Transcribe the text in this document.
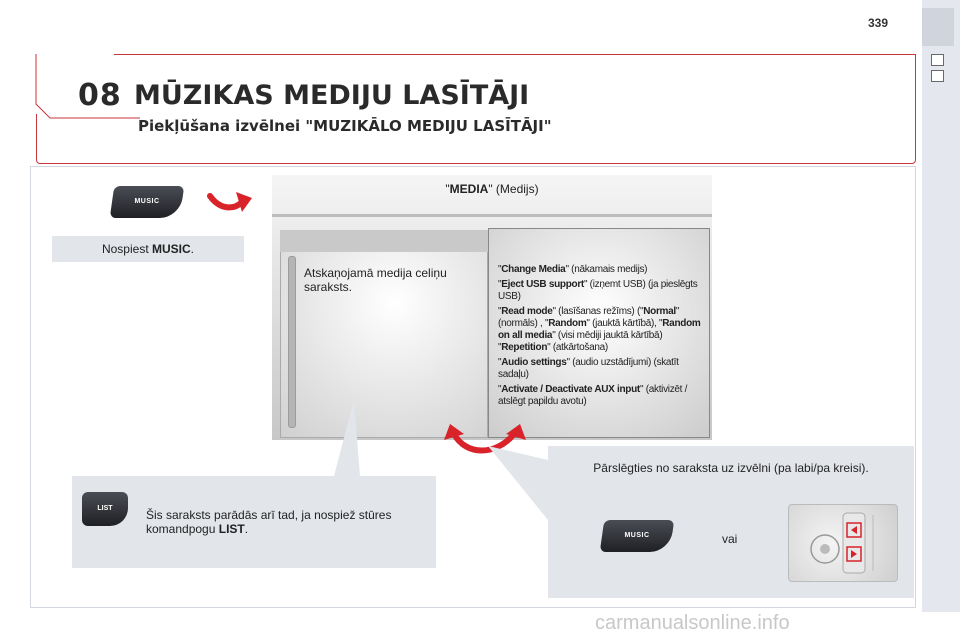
339
08 MŪZIKAS MEDIJU LASĪTĀJI
Piekļūšana izvēlnei "MUZIKĀLO MEDIJU LASĪTĀJI"
MUSIC
Nospiest MUSIC.
"MEDIA" (Medijs)
Atskaņojamā medija celiņu saraksts.

"Change Media" (nākamais medijs)

"Eject USB support" (izņemt USB) (ja pieslēgts USB)

"Read mode" (lasīšanas režīms) ("Normal" (normāls) , "Random" (jauktā kārtībā), "Random on all media" (visi mēdiji jauktā kārtībā) "Repetition" (atkārtošana)

"Audio settings" (audio uzstādījumi) (skatīt sadaļu)

"Activate / Deactivate AUX input" (aktivizēt / atslēgt papildu avotu)

LIST	Šis saraksts parādās arī tad, ja nospiež stūres komandpogu LIST.
Pārslēgties no saraksta uz izvēlni (pa labi/pa kreisi).
MUSIC	vai
carmanualsonline.info
